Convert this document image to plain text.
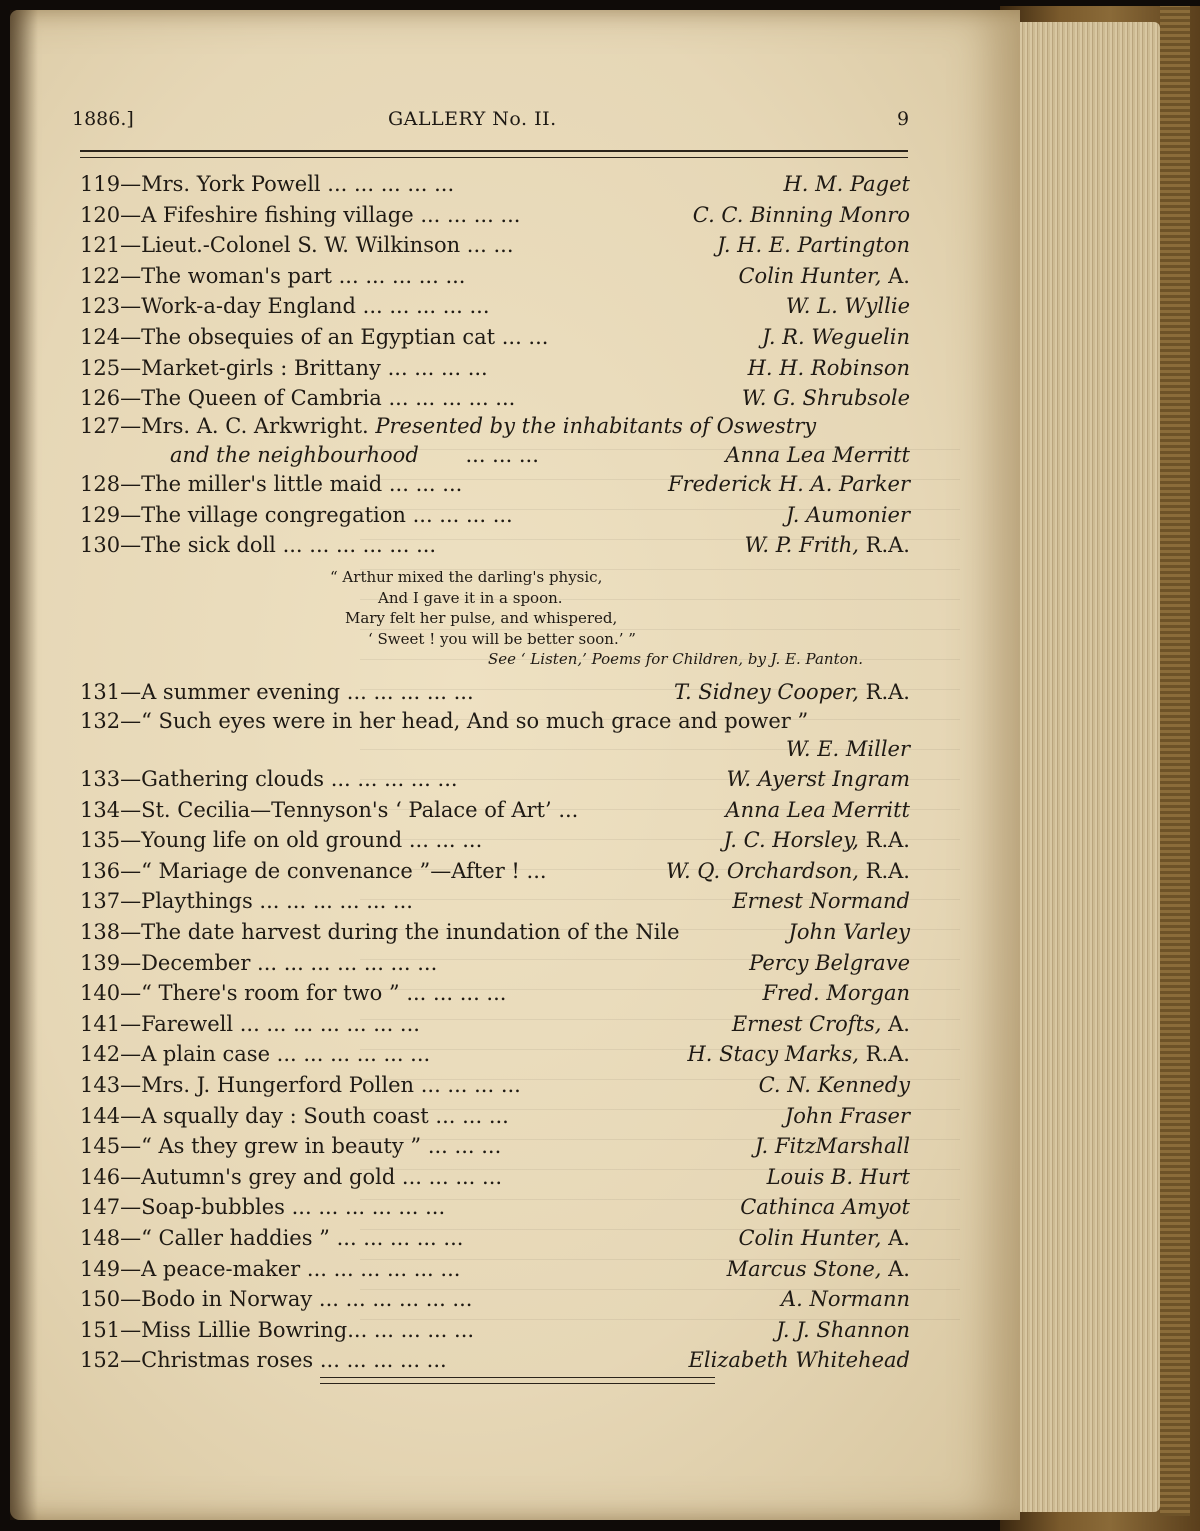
1886.]	GALLERY No. II.	9
119—Mrs. York Powell ... ... ... ... ...	H. M. Paget
120—A Fifeshire fishing village ... ... ... ...	C. C. Binning Monro
121—Lieut.-Colonel S. W. Wilkinson ... ...	J. H. E. Partington
122—The woman's part ... ... ... ... ...	Colin Hunter, A.
123—Work-a-day England ... ... ... ... ...	W. L. Wyllie
124—The obsequies of an Egyptian cat ... ...	J. R. Weguelin
125—Market-girls : Brittany ... ... ... ...	H. H. Robinson
126—The Queen of Cambria ... ... ... ... ...	W. G. Shrubsole
127—Mrs. A. C. Arkwright. Presented by the inhabitants of Oswestry
and the neighbourhood ... ... ...	Anna Lea Merritt
128—The miller's little maid ... ... ...	Frederick H. A. Parker
129—The village congregation ... ... ... ...	J. Aumonier
130—The sick doll ... ... ... ... ... ...	W. P. Frith, R.A.
“ Arthur mixed the darling's physic,
And I gave it in a spoon.
Mary felt her pulse, and whispered,
‘ Sweet ! you will be better soon.’ ”
See ‘ Listen,’ Poems for Children, by J. E. Panton.
131—A summer evening ... ... ... ... ...	T. Sidney Cooper, R.A.
132—“ Such eyes were in her head, And so much grace and power ”
W. E. Miller
133—Gathering clouds ... ... ... ... ...	W. Ayerst Ingram
134—St. Cecilia—Tennyson's ‘ Palace of Art’ ...	Anna Lea Merritt
135—Young life on old ground ... ... ...	J. C. Horsley, R.A.
136—“ Mariage de convenance ”—After ! ...	W. Q. Orchardson, R.A.
137—Playthings ... ... ... ... ... ...	Ernest Normand
138—The date harvest during the inundation of the Nile	John Varley
139—December ... ... ... ... ... ... ...	Percy Belgrave
140—“ There's room for two ” ... ... ... ...	Fred. Morgan
141—Farewell ... ... ... ... ... ... ...	Ernest Crofts, A.
142—A plain case ... ... ... ... ... ...	H. Stacy Marks, R.A.
143—Mrs. J. Hungerford Pollen ... ... ... ...	C. N. Kennedy
144—A squally day : South coast ... ... ...	John Fraser
145—“ As they grew in beauty ” ... ... ...	J. FitzMarshall
146—Autumn's grey and gold ... ... ... ...	Louis B. Hurt
147—Soap-bubbles ... ... ... ... ... ...	Cathinca Amyot
148—“ Caller haddies ” ... ... ... ... ...	Colin Hunter, A.
149—A peace-maker ... ... ... ... ... ...	Marcus Stone, A.
150—Bodo in Norway ... ... ... ... ... ...	A. Normann
151—Miss Lillie Bowring... ... ... ... ...	J. J. Shannon
152—Christmas roses ... ... ... ... ...	Elizabeth Whitehead
